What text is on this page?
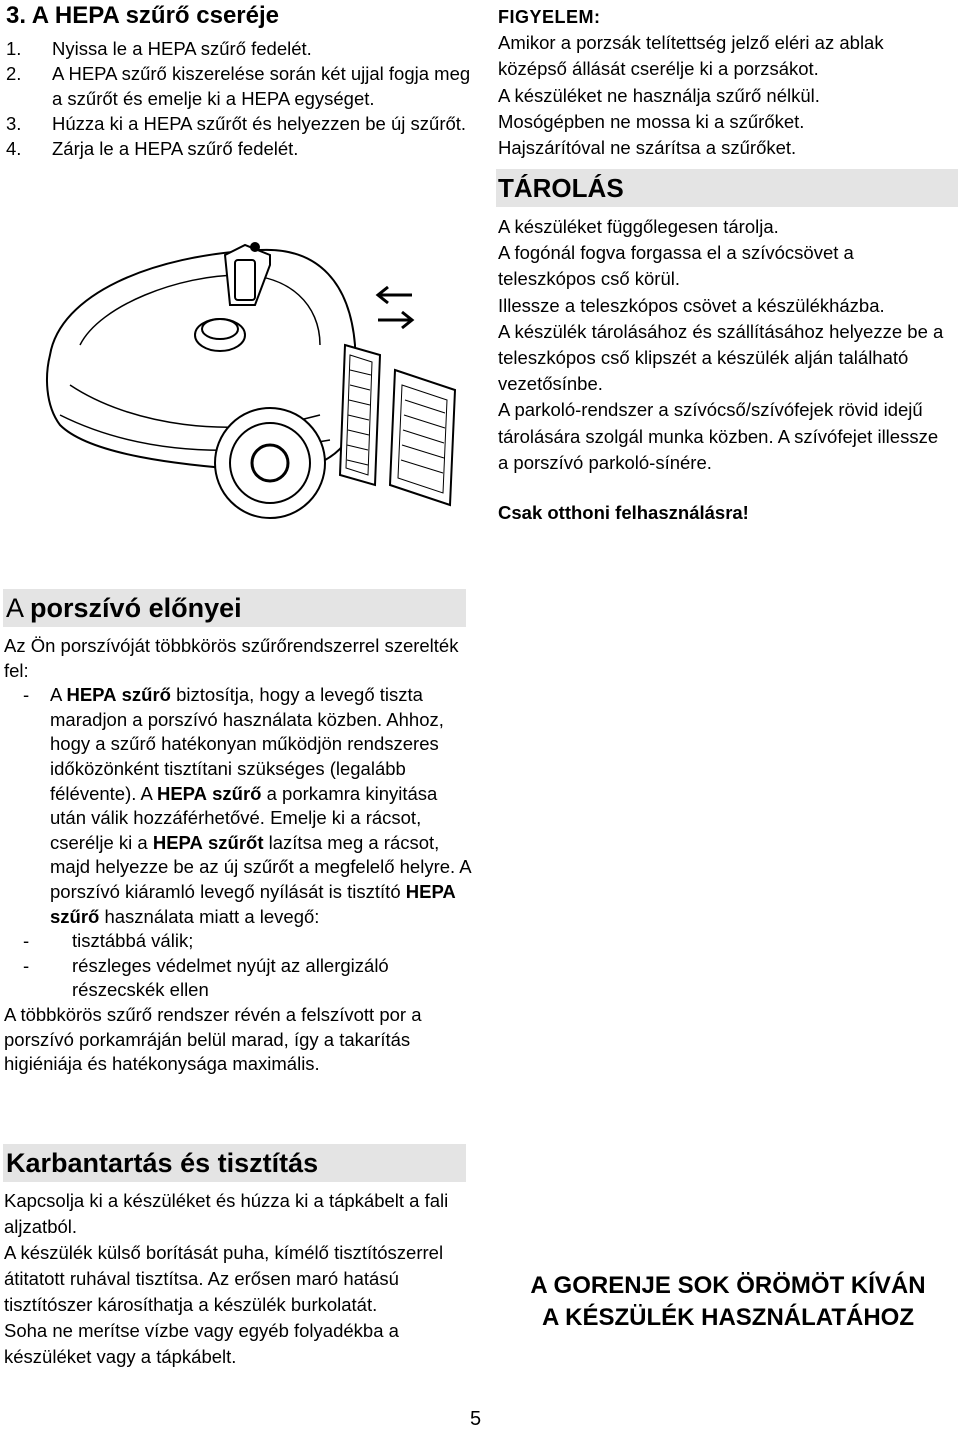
3. A HEPA szűrő cseréje
1. Nyissa le a HEPA szűrő fedelét.
2. A HEPA szűrő kiszerelése során két ujjal fogja meg a szűrőt és emelje ki a HEPA egységet.
3. Húzza ki a HEPA szűrőt és helyezzen be új szűrőt.
4. Zárja le a HEPA szűrő fedelét.
FIGYELEM:
Amikor a porzsák telítettség jelző eléri az ablak középső állását cserélje ki a porzsákot.
A készüléket ne használja szűrő nélkül.
Mosógépben ne mossa ki a szűrőket.
Hajszárítóval ne szárítsa a szűrőket.
TÁROLÁS
A készüléket függőlegesen tárolja.
A fogónál fogva forgassa el a szívócsövet a teleszkópos cső körül.
Illessze a teleszkópos csövet a készülékházba.
A készülék tárolásához és szállításához helyezze be a teleszkópos cső klipszét a készülék alján található vezetősínbe.
A parkoló-rendszer a szívócső/szívófejek rövid idejű tárolására szolgál munka közben. A szívófejet illessze a porszívó parkoló-sínére.
Csak otthoni felhasználásra!
A porszívó előnyei
Az Ön porszívóját többkörös szűrőrendszerrel szerelték fel:
- A HEPA szűrő biztosítja, hogy a levegő tiszta maradjon a porszívó használata közben. Ahhoz, hogy a szűrő hatékonyan működjön rendszeres időközönként tisztítani szükséges (legalább félévente). A HEPA szűrő a porkamra kinyitása után válik hozzáférhetővé. Emelje ki a rácsot, cserélje ki a HEPA szűrőt lazítsa meg a rácsot, majd helyezze be az új szűrőt a megfelelő helyre. A porszívó kiáramló levegő nyílását is tisztító HEPA szűrő használata miatt a levegő:
- tisztábbá válik;
- részleges védelmet nyújt az allergizáló részecskék ellen
A többkörös szűrő rendszer révén a felszívott por a porszívó porkamráján belül marad, így a takarítás higiéniája és hatékonysága maximális.
Karbantartás és tisztítás
Kapcsolja ki a készüléket és húzza ki a tápkábelt a fali aljzatból.
A készülék külső borítását puha, kímélő tisztítószerrel átitatott ruhával tisztítsa. Az erősen maró hatású tisztítószer károsíthatja a készülék burkolatát.
Soha ne merítse vízbe vagy egyéb folyadékba a készüléket vagy a tápkábelt.
A GORENJE SOK ÖRÖMÖT KÍVÁN
A KÉSZÜLÉK HASZNÁLATÁHOZ
5
